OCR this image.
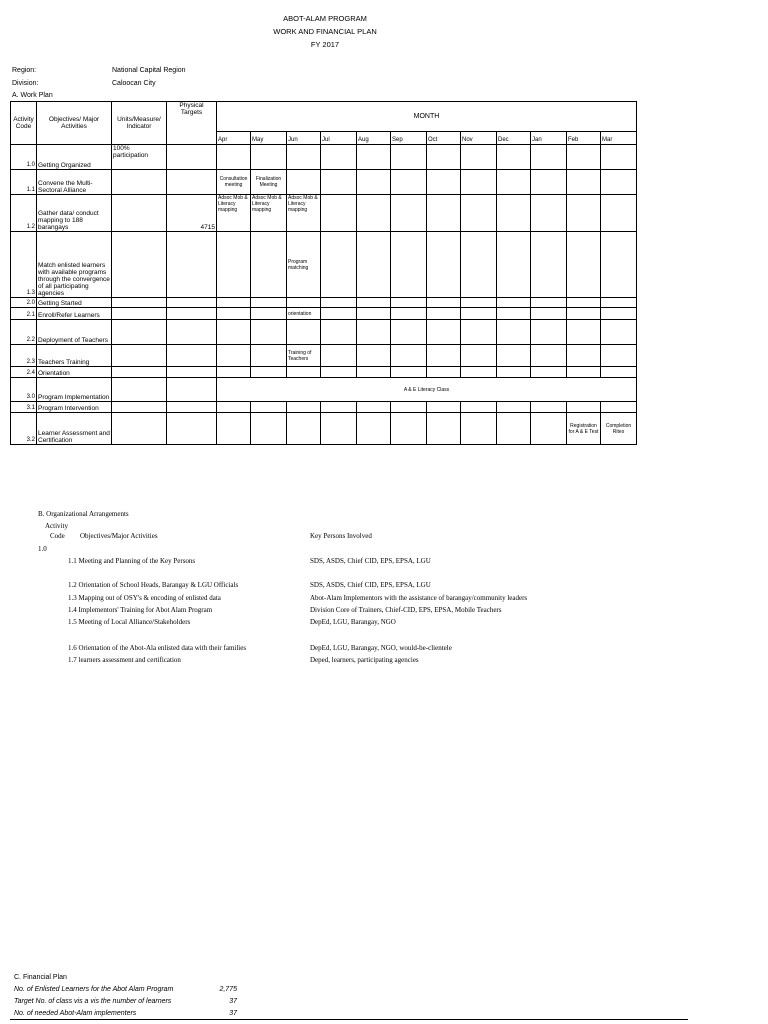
ABOT-ALAM PROGRAM
WORK AND FINANCIAL PLAN
FY 2017
Region:	National Capital Region
Division:	Caloocan City
A. Work Plan
Activity Code	Objectives/ Major Activities	Units/Measure/ Indicator	Physical Targets	MONTH											
				Apr	May	Jun	Jul	Aug	Sep	Oct	Nov	Dec	Jan	Feb	Mar
1.0	Getting Organized	100% participation													
1.1	Convene the Multi-Sectoral Alliance			Consultation meeting	Finalization Meeting										
1.2	Gather data/ conduct mapping to 188 barangays		4715	Adsoc Mob & Literacy mapping	Adsoc Mob & Literacy mapping	Adsoc Mob & Literacy mapping									
1.3	Match enlisted learners with available programs through the convergence of all participating agencies					Program matching									
2.0	Getting Started														
2.1	Enroll/Refer Learners					orientation									
2.2	Deployment of Teachers														
2.3	Teachers Training					Training of Teachers									
2.4	Orientation														
3.0	Program Implementation			A & E Literacy Class											
3.1	Program Intervention														
3.2	Learner Assessment and Certification													Registration for A & E Test	Completion Rites
B. Organizational Arrangements
Activity
Code Objectives/Major Activities	Key Persons Involved
1.0
1.1 Meeting and Planning of the Key Persons	SDS, ASDS, Chief CID, EPS, EPSA, LGU
1.2 Orientation of School Heads, Barangay & LGU Officials	SDS, ASDS, Chief CID, EPS, EPSA, LGU
1.3 Mapping out of OSY's & encoding of enlisted data	Abot-Alam Implementors with the assistance of barangay/community leaders
1.4 Implementors' Training for Abot Alam Program	Division Core of Trainers, Chief-CID, EPS, EPSA, Mobile Teachers
1.5 Meeting of Local Alliance/Stakeholders	DepEd, LGU, Barangay, NGO
1.6 Orientation of the Abot-Ala enlisted data with their families	DepEd, LGU, Barangay, NGO, would-be-clientele
1.7 learners assessment and certification	Deped, learners, participating agencies
C. Financial Plan
No. of Enlisted Learners for the Abot Alam Program	2,775
Target No. of class vis a vis the number of learners	37
No. of needed Abot-Alam implementers	37
